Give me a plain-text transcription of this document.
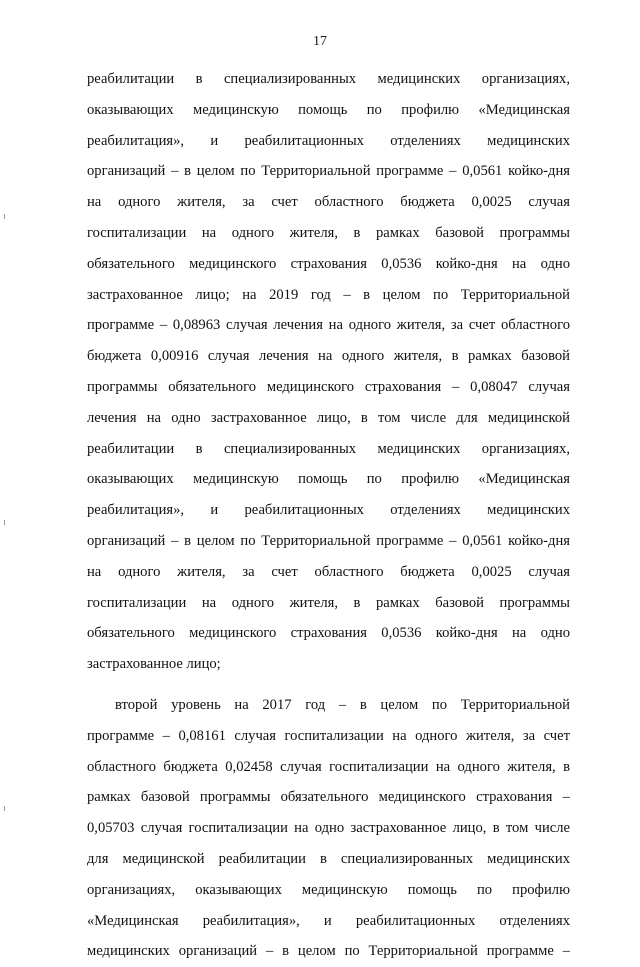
17
реабилитации в специализированных медицинских организациях,
оказывающих медицинскую помощь по профилю «Медицинская
реабилитация», и реабилитационных отделениях медицинских
организаций – в целом по Территориальной программе – 0,0561 койко-дня
на одного жителя, за счет областного бюджета 0,0025 случая
госпитализации на одного жителя, в рамках базовой программы
обязательного медицинского страхования 0,0536 койко-дня на одно
застрахованное лицо; на 2019 год – в целом по Территориальной
программе – 0,08963 случая лечения на одного жителя, за счет областного
бюджета 0,00916 случая лечения на одного жителя, в рамках базовой
программы обязательного медицинского страхования – 0,08047 случая
лечения на одно застрахованное лицо, в том числе для медицинской
реабилитации в специализированных медицинских организациях,
оказывающих медицинскую помощь по профилю «Медицинская
реабилитация», и реабилитационных отделениях медицинских
организаций – в целом по Территориальной программе – 0,0561 койко-дня
на одного жителя, за счет областного бюджета 0,0025 случая
госпитализации на одного жителя, в рамках базовой программы
обязательного медицинского страхования 0,0536 койко-дня на одно
застрахованное лицо;
второй уровень на 2017 год – в целом по Территориальной
программе – 0,08161 случая госпитализации на одного жителя, за счет
областного бюджета 0,02458 случая госпитализации на одного жителя, в
рамках базовой программы обязательного медицинского страхования –
0,05703 случая госпитализации на одно застрахованное лицо, в том числе
для медицинской реабилитации в специализированных медицинских
организациях, оказывающих медицинскую помощь по профилю
«Медицинская реабилитация», и реабилитационных отделениях
медицинских организаций – в целом по Территориальной программе –
